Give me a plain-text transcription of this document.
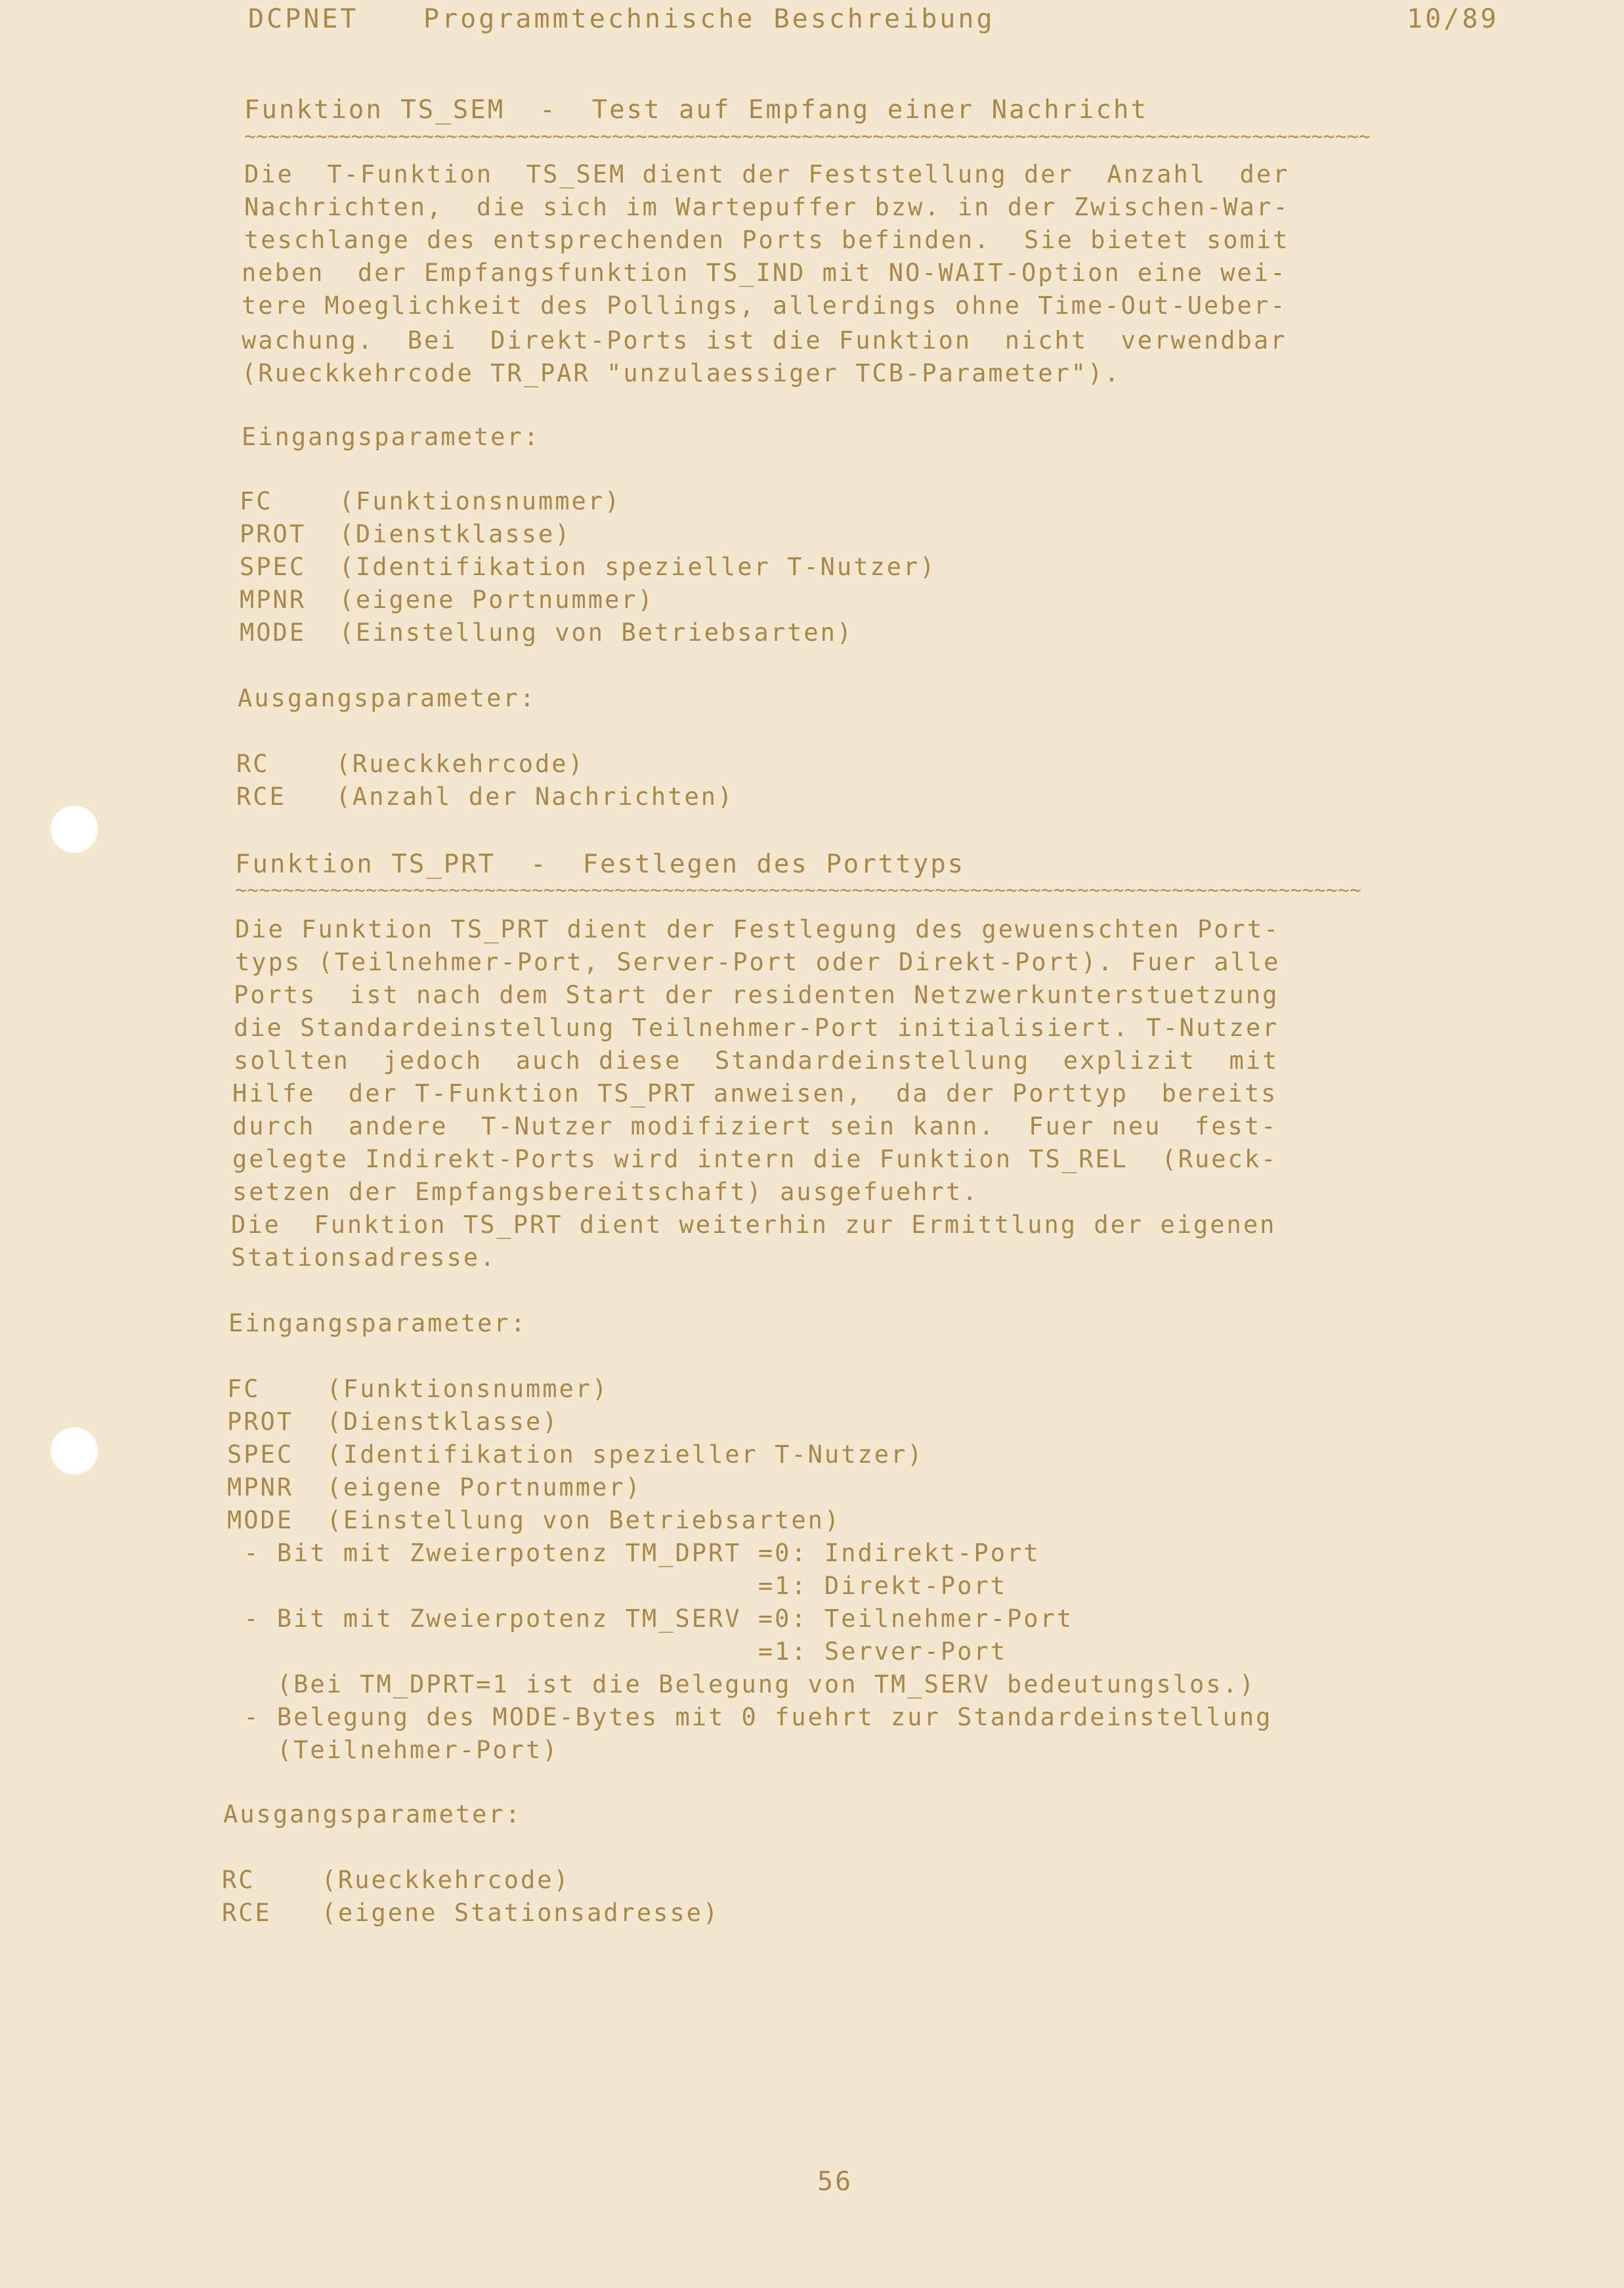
DCPNET Programmtechnische Beschreibung	10/89
Funktion TS_SEM  -  Test auf Empfang einer Nachricht
~~~~~~~~~~~~~~~~~~~~~~~~~~~~~~~~~~~~~~~~~~~~~~~~~~~~~~~~~~~~~~~~~~~~~~~~~~~~~~~~~~~~~~~~~~~~~~~
Die  T-Funktion  TS_SEM dient der Feststellung der  Anzahl  der
Nachrichten,  die sich im Wartepuffer bzw. in der Zwischen-War-
teschlange des entsprechenden Ports befinden.  Sie bietet somit
neben  der Empfangsfunktion TS_IND mit NO-WAIT-Option eine wei-
tere Moeglichkeit des Pollings, allerdings ohne Time-Out-Ueber-
wachung.  Bei  Direkt-Ports ist die Funktion  nicht  verwendbar
(Rueckkehrcode TR_PAR "unzulaessiger TCB-Parameter").
Eingangsparameter:
FC    (Funktionsnummer)
PROT  (Dienstklasse)
SPEC  (Identifikation spezieller T-Nutzer)
MPNR  (eigene Portnummer)
MODE  (Einstellung von Betriebsarten)
Ausgangsparameter:
RC    (Rueckkehrcode)
RCE   (Anzahl der Nachrichten)
Funktion TS_PRT  -  Festlegen des Porttyps
~~~~~~~~~~~~~~~~~~~~~~~~~~~~~~~~~~~~~~~~~~~~~~~~~~~~~~~~~~~~~~~~~~~~~~~~~~~~~~~~~~~~~~~~~~~~~~~
Die Funktion TS_PRT dient der Festlegung des gewuenschten Port-
typs (Teilnehmer-Port, Server-Port oder Direkt-Port). Fuer alle
Ports  ist nach dem Start der residenten Netzwerkunterstuetzung
die Standardeinstellung Teilnehmer-Port initialisiert. T-Nutzer
sollten  jedoch  auch diese  Standardeinstellung  explizit  mit
Hilfe  der T-Funktion TS_PRT anweisen,  da der Porttyp  bereits
durch  andere  T-Nutzer modifiziert sein kann.  Fuer neu  fest-
gelegte Indirekt-Ports wird intern die Funktion TS_REL  (Rueck-
setzen der Empfangsbereitschaft) ausgefuehrt.
Die  Funktion TS_PRT dient weiterhin zur Ermittlung der eigenen
Stationsadresse.
Eingangsparameter:
FC    (Funktionsnummer)
PROT  (Dienstklasse)
SPEC  (Identifikation spezieller T-Nutzer)
MPNR  (eigene Portnummer)
MODE  (Einstellung von Betriebsarten)
- Bit mit Zweierpotenz TM_DPRT =0: Indirekt-Port
=1: Direkt-Port
- Bit mit Zweierpotenz TM_SERV =0: Teilnehmer-Port
=1: Server-Port
(Bei TM_DPRT=1 ist die Belegung von TM_SERV bedeutungslos.)
- Belegung des MODE-Bytes mit 0 fuehrt zur Standardeinstellung
(Teilnehmer-Port)
Ausgangsparameter:
RC    (Rueckkehrcode)
RCE   (eigene Stationsadresse)
56
